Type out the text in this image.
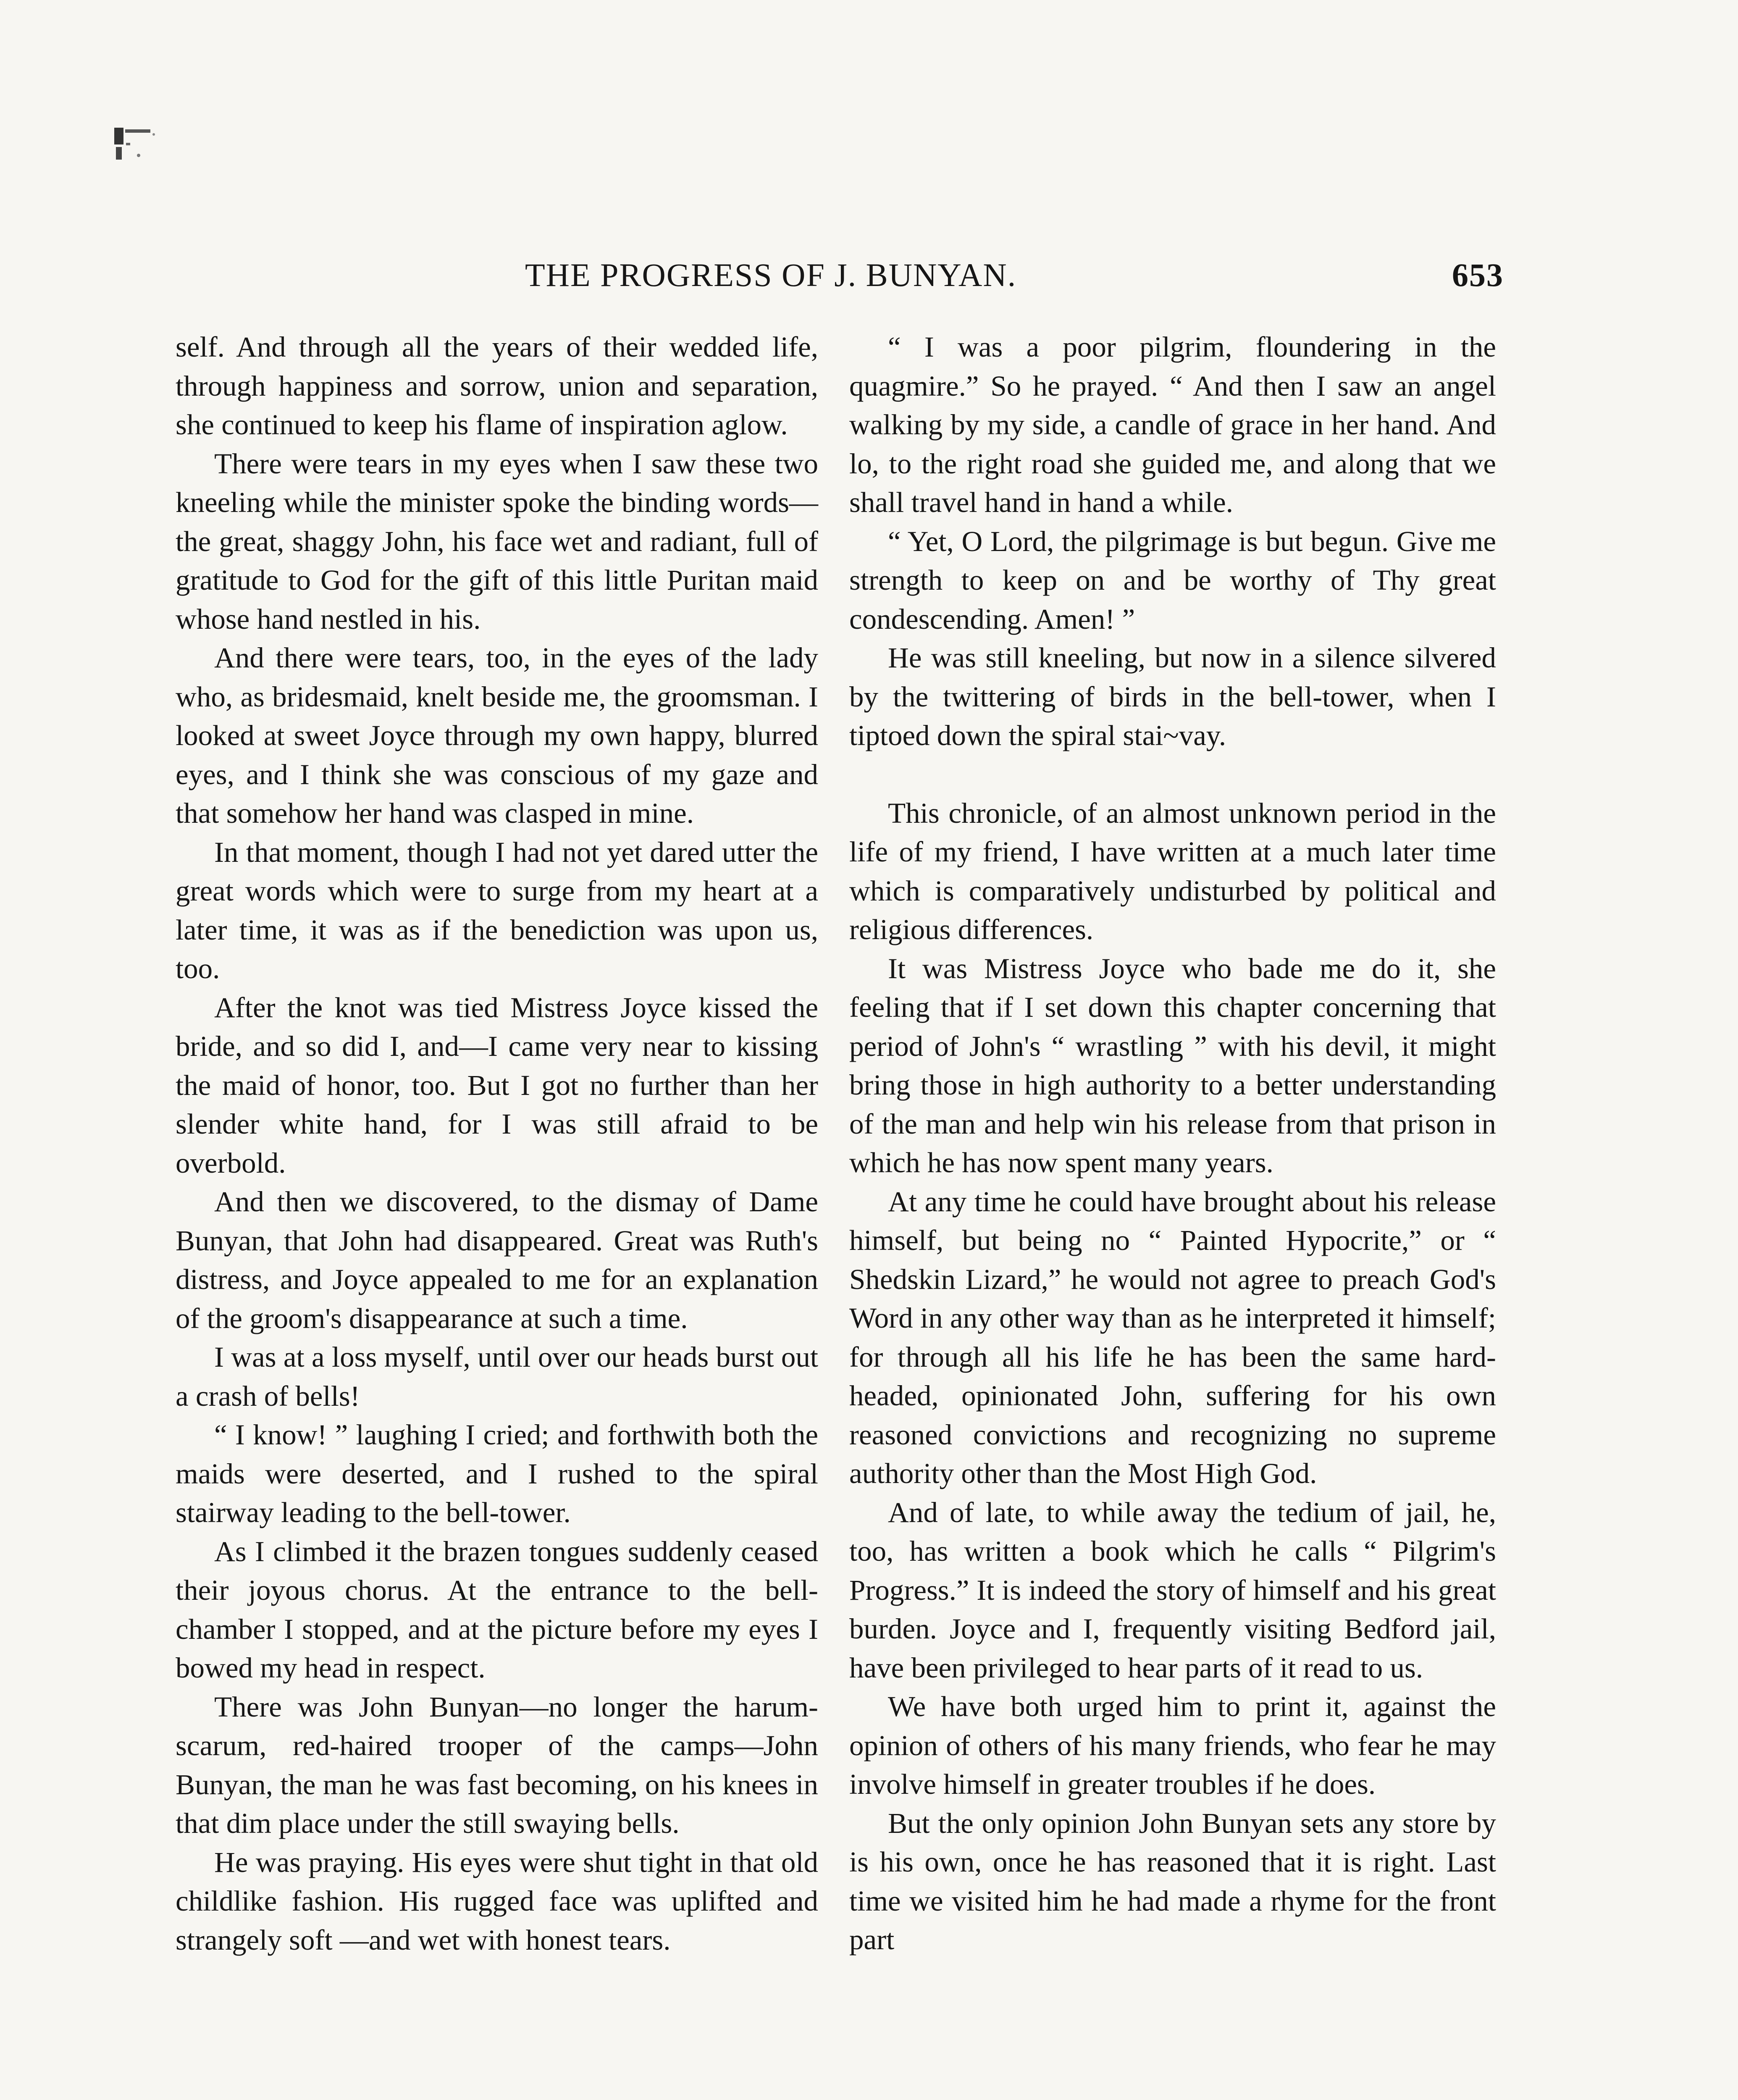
THE PROGRESS OF J. BUNYAN.	653

self. And through all the years of their wedded life, through happiness and sorrow, union and separation, she continued to keep his flame of inspiration aglow.

There were tears in my eyes when I saw these two kneeling while the minister spoke the binding words—the great, shaggy John, his face wet and radiant, full of gratitude to God for the gift of this little Puritan maid whose hand nestled in his.

And there were tears, too, in the eyes of the lady who, as bridesmaid, knelt beside me, the groomsman. I looked at sweet Joyce through my own happy, blurred eyes, and I think she was conscious of my gaze and that somehow her hand was clasped in mine.

In that moment, though I had not yet dared utter the great words which were to surge from my heart at a later time, it was as if the benediction was upon us, too.

After the knot was tied Mistress Joyce kissed the bride, and so did I, and—I came very near to kissing the maid of honor, too. But I got no further than her slender white hand, for I was still afraid to be overbold.

And then we discovered, to the dismay of Dame Bunyan, that John had disappeared. Great was Ruth's distress, and Joyce appealed to me for an explanation of the groom's disappearance at such a time.

I was at a loss myself, until over our heads burst out a crash of bells!

“ I know! ” laughing I cried; and forthwith both the maids were deserted, and I rushed to the spiral stairway leading to the bell-tower.

As I climbed it the brazen tongues suddenly ceased their joyous chorus. At the entrance to the bell-chamber I stopped, and at the picture before my eyes I bowed my head in respect.

There was John Bunyan—no longer the harum-scarum, red-haired trooper of the camps—John Bunyan, the man he was fast becoming, on his knees in that dim place under the still swaying bells.

He was praying. His eyes were shut tight in that old childlike fashion. His rugged face was uplifted and strangely soft —and wet with honest tears.

“ I was a poor pilgrim, floundering in the quagmire.” So he prayed. “ And then I saw an angel walking by my side, a candle of grace in her hand. And lo, to the right road she guided me, and along that we shall travel hand in hand a while.

“ Yet, O Lord, the pilgrimage is but begun. Give me strength to keep on and be worthy of Thy great condescending. Amen! ”

He was still kneeling, but now in a silence silvered by the twittering of birds in the bell-tower, when I tiptoed down the spiral stai~vay.

This chronicle, of an almost unknown period in the life of my friend, I have written at a much later time which is comparatively undisturbed by political and religious differences.

It was Mistress Joyce who bade me do it, she feeling that if I set down this chapter concerning that period of John's “ wrastling ” with his devil, it might bring those in high authority to a better understanding of the man and help win his release from that prison in which he has now spent many years.

At any time he could have brought about his release himself, but being no “ Painted Hypocrite,” or “ Shedskin Lizard,” he would not agree to preach God's Word in any other way than as he interpreted it himself; for through all his life he has been the same hard-headed, opinionated John, suffering for his own reasoned convictions and recognizing no supreme authority other than the Most High God.

And of late, to while away the tedium of jail, he, too, has written a book which he calls “ Pilgrim's Progress.” It is indeed the story of himself and his great burden. Joyce and I, frequently visiting Bedford jail, have been privileged to hear parts of it read to us.

We have both urged him to print it, against the opinion of others of his many friends, who fear he may involve himself in greater troubles if he does.

But the only opinion John Bunyan sets any store by is his own, once he has reasoned that it is right. Last time we visited him he had made a rhyme for the front part
